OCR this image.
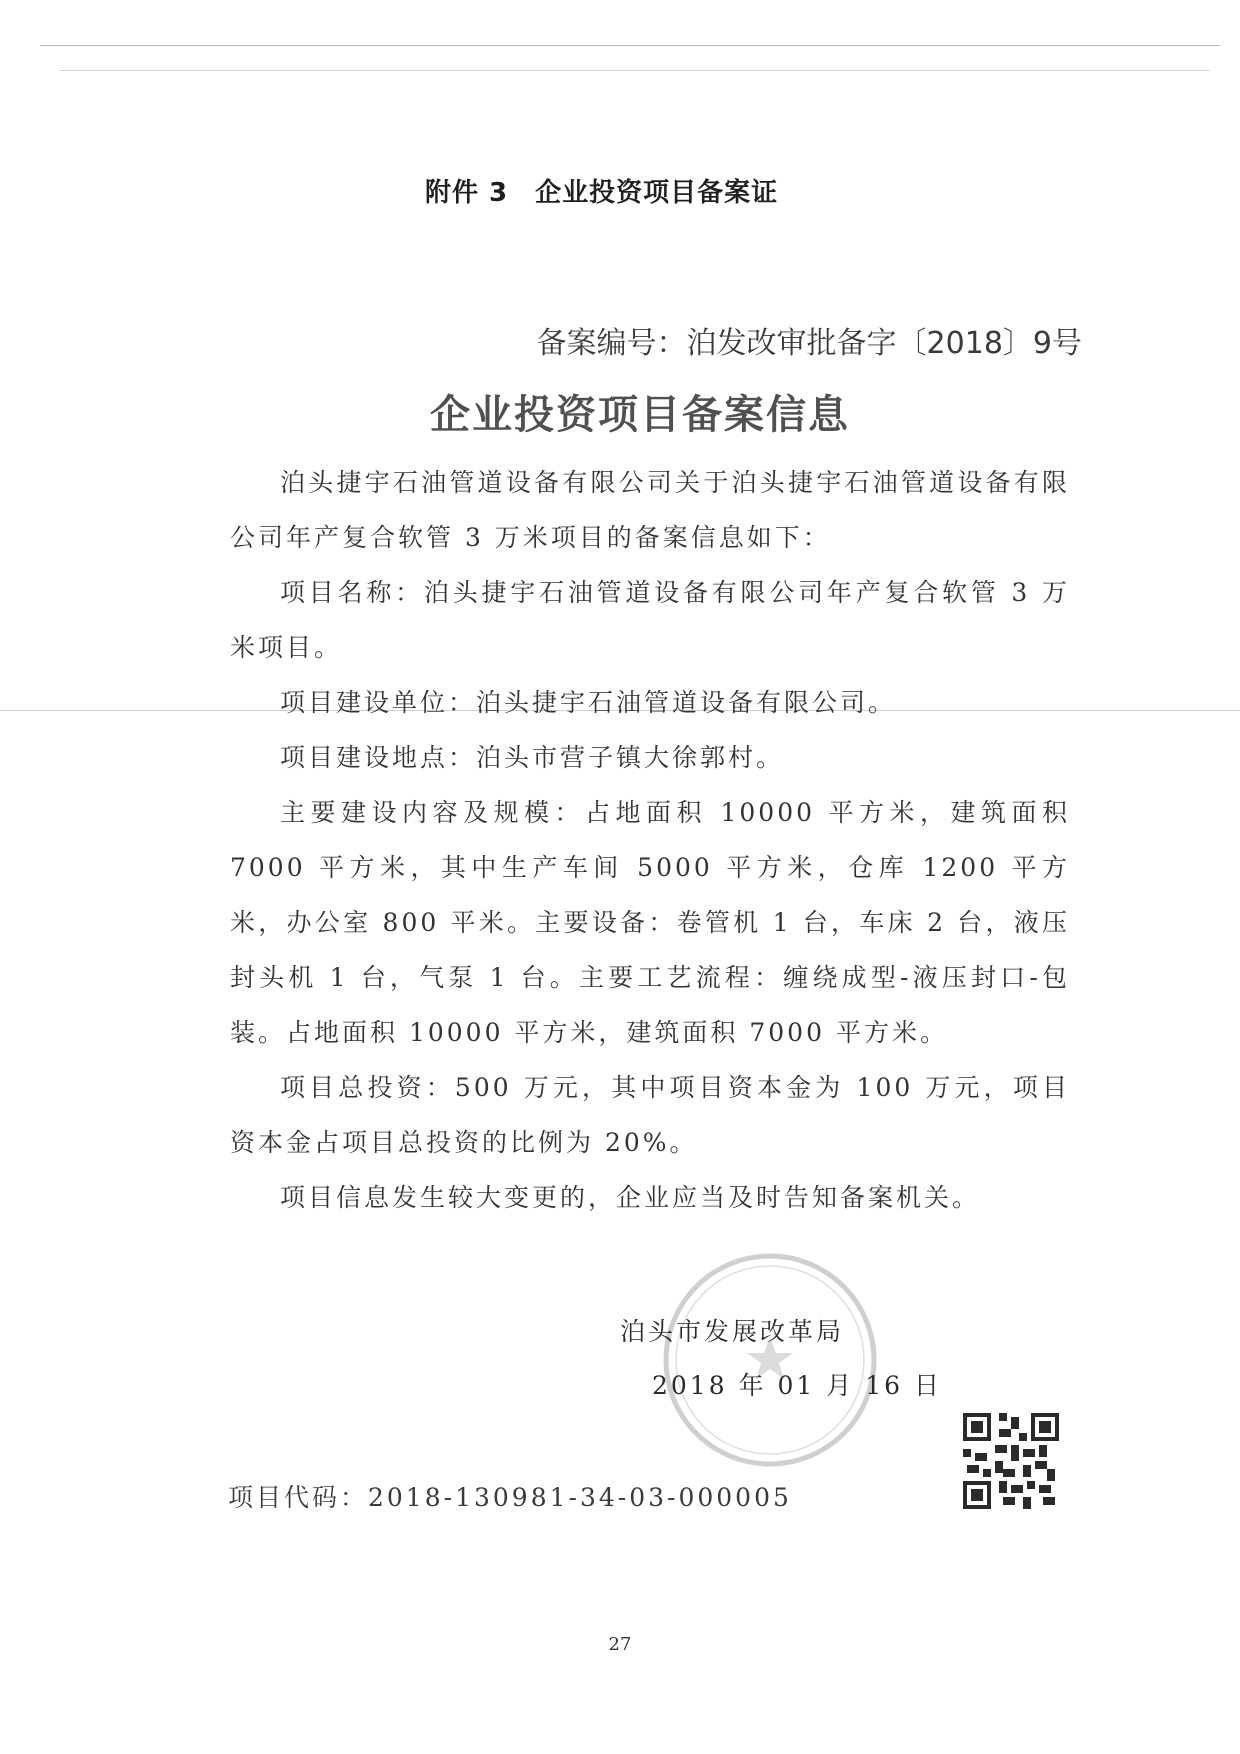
附件 3　企业投资项目备案证
备案编号：泊发改审批备字〔2018〕9号
企业投资项目备案信息

泊头捷宇石油管道设备有限公司关于泊头捷宇石油管道设备有限公司年产复合软管 3 万米项目的备案信息如下：

项目名称：泊头捷宇石油管道设备有限公司年产复合软管 3 万米项目。

项目建设单位：泊头捷宇石油管道设备有限公司。

项目建设地点：泊头市营子镇大徐郭村。

主要建设内容及规模：占地面积 10000 平方米，建筑面积 7000 平方米，其中生产车间 5000 平方米，仓库 1200 平方米，办公室 800 平米。主要设备：卷管机 1 台，车床 2 台，液压封头机 1 台，气泵 1 台。主要工艺流程：缠绕成型-液压封口-包装。占地面积 10000 平方米，建筑面积 7000 平方米。

项目总投资：500 万元，其中项目资本金为 100 万元，项目资本金占项目总投资的比例为 20%。

项目信息发生较大变更的，企业应当及时告知备案机关。

泊头市发展改革局
2018 年 01 月 16 日
项目代码：2018-130981-34-03-000005
27
